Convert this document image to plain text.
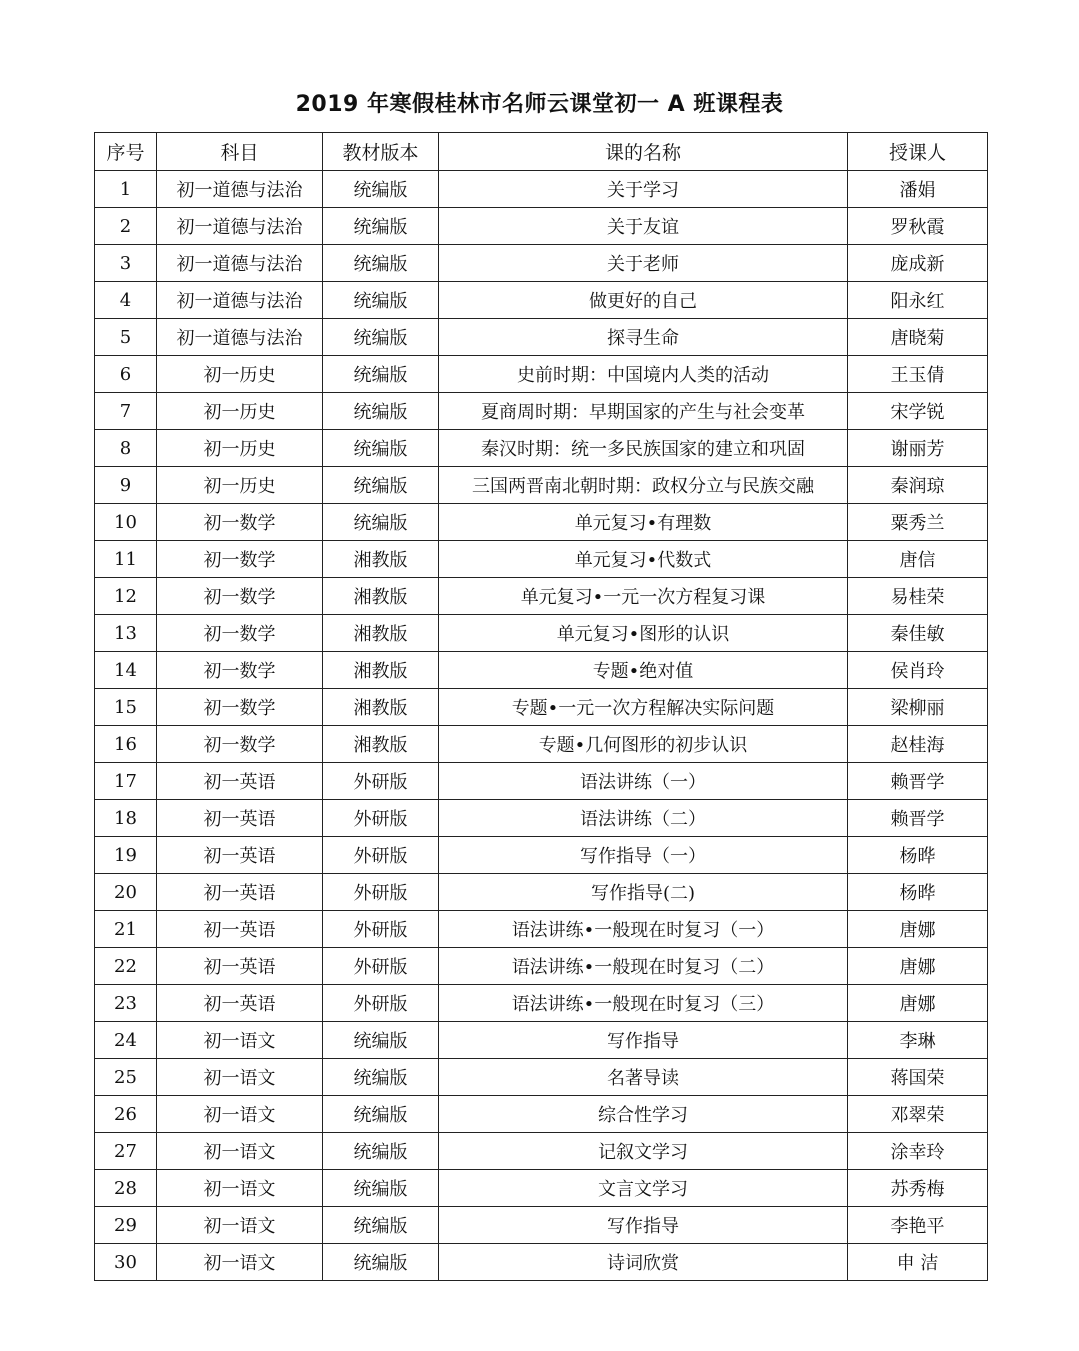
2019 年寒假桂林市名师云课堂初一 A 班课程表
序号	科目	教材版本	课的名称	授课人
1	初一道德与法治	统编版	关于学习	潘娟
2	初一道德与法治	统编版	关于友谊	罗秋霞
3	初一道德与法治	统编版	关于老师	庞成新
4	初一道德与法治	统编版	做更好的自己	阳永红
5	初一道德与法治	统编版	探寻生命	唐晓菊
6	初一历史	统编版	史前时期：中国境内人类的活动	王玉倩
7	初一历史	统编版	夏商周时期：早期国家的产生与社会变革	宋学锐
8	初一历史	统编版	秦汉时期：统一多民族国家的建立和巩固	谢丽芳
9	初一历史	统编版	三国两晋南北朝时期：政权分立与民族交融	秦润琼
10	初一数学	统编版	单元复习•有理数	粟秀兰
11	初一数学	湘教版	单元复习•代数式	唐信
12	初一数学	湘教版	单元复习•一元一次方程复习课	易桂荣
13	初一数学	湘教版	单元复习•图形的认识	秦佳敏
14	初一数学	湘教版	专题•绝对值	侯肖玲
15	初一数学	湘教版	专题•一元一次方程解决实际问题	梁柳丽
16	初一数学	湘教版	专题•几何图形的初步认识	赵桂海
17	初一英语	外研版	语法讲练（一）	赖晋学
18	初一英语	外研版	语法讲练（二）	赖晋学
19	初一英语	外研版	写作指导（一）	杨晔
20	初一英语	外研版	写作指导(二)	杨晔
21	初一英语	外研版	语法讲练•一般现在时复习（一）	唐娜
22	初一英语	外研版	语法讲练•一般现在时复习（二）	唐娜
23	初一英语	外研版	语法讲练•一般现在时复习（三）	唐娜
24	初一语文	统编版	写作指导	李琳
25	初一语文	统编版	名著导读	蒋国荣
26	初一语文	统编版	综合性学习	邓翠荣
27	初一语文	统编版	记叙文学习	涂幸玲
28	初一语文	统编版	文言文学习	苏秀梅
29	初一语文	统编版	写作指导	李艳平
30	初一语文	统编版	诗词欣赏	申 洁
